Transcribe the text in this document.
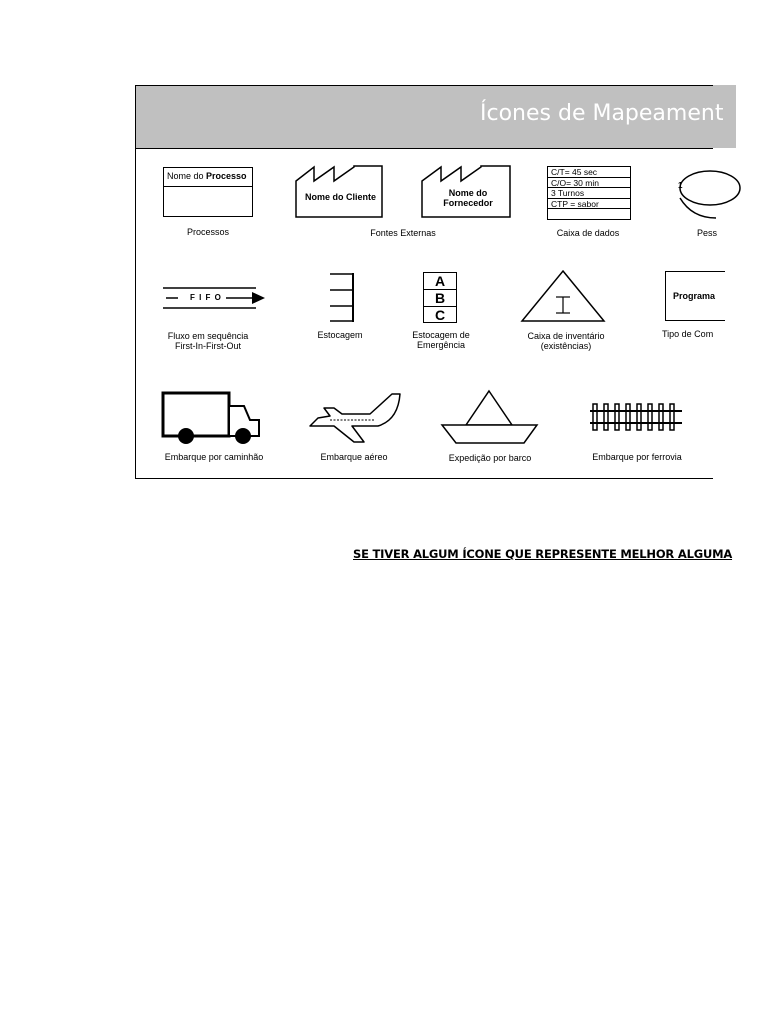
Ícones de Mapeament
Nome do Processo
Processos
Nome do Cliente	Nome do
Fornecedor
Fontes Externas
C/T= 45 sec
C/O= 30 min
3 Turnos
CTP = sabor
Caixa de dados
1
Pess
F I F O
Fluxo em sequência
First-In-First-Out
Estocagem
A
B
C
Estocagem de
Emergência
Caixa de inventário
(existências)
Programa
Tipo de Com
Embarque por caminhão	Embarque aéreo	Expedição por barco	Embarque por ferrovia
SE TIVER ALGUM ÍCONE QUE REPRESENTE MELHOR ALGUMA
